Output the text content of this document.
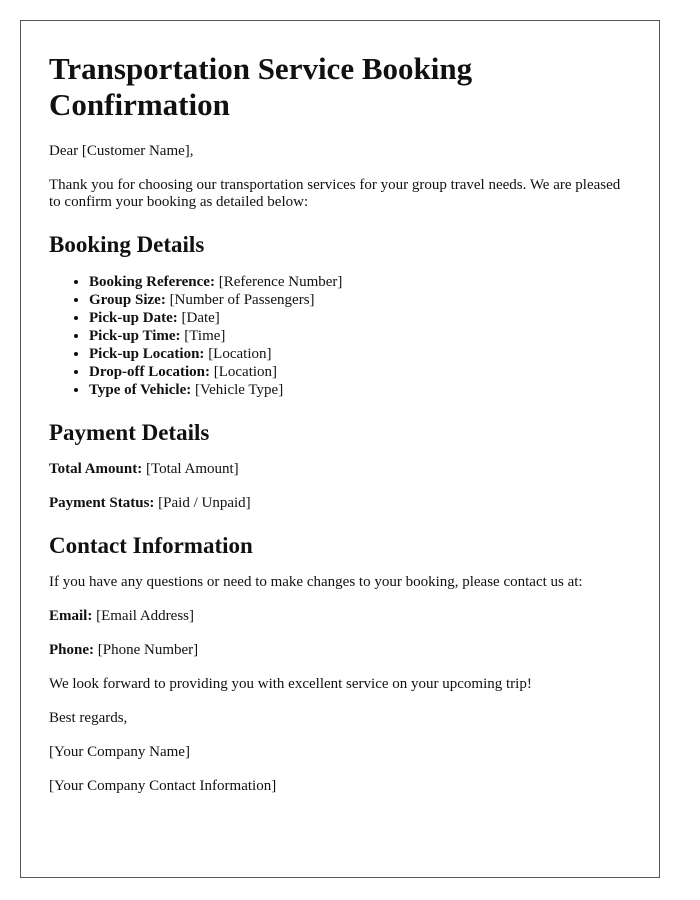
Transportation Service Booking Confirmation

Dear [Customer Name],

Thank you for choosing our transportation services for your group travel needs. We are pleased to confirm your booking as detailed below:

Booking Details
• Booking Reference: [Reference Number]
• Group Size: [Number of Passengers]
• Pick-up Date: [Date]
• Pick-up Time: [Time]
• Pick-up Location: [Location]
• Drop-off Location: [Location]
• Type of Vehicle: [Vehicle Type]
Payment Details

Total Amount: [Total Amount]

Payment Status: [Paid / Unpaid]

Contact Information

If you have any questions or need to make changes to your booking, please contact us at:

Email: [Email Address]

Phone: [Phone Number]

We look forward to providing you with excellent service on your upcoming trip!

Best regards,

[Your Company Name]

[Your Company Contact Information]
